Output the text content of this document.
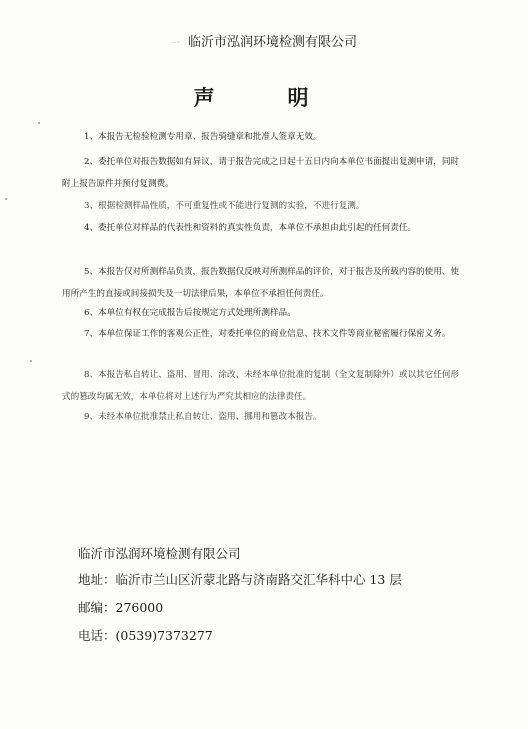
一 临沂市泓润环境检测有限公司
声　明

1、本报告无检验检测专用章、报告骑缝章和批准人签章无效。

2、委托单位对报告数据如有异议，请于报告完成之日起十五日内向本单位书面提出复测申请，同时附上报告原件并预付复测费。

3、根据检测样品性质，不可重复性或不能进行复测的实验，不进行复测。

4、委托单位对样品的代表性和资料的真实性负责，本单位不承担由此引起的任何责任。

5、本报告仅对所测样品负责，报告数据仅反映对所测样品的评价，对于报告及所载内容的使用、使用所产生的直接或间接损失及一切法律后果，本单位不承担任何责任。

6、本单位有权在完成报告后按规定方式处理所测样品。

7、本单位保证工作的客观公正性，对委托单位的商业信息、技术文件等商业秘密履行保密义务。

8、本报告私自转让、盗用、冒用、涂改、未经本单位批准的复制（全文复制除外）或以其它任何形式的篡改均属无效，本单位将对上述行为严究其相应的法律责任。

9、未经本单位批准禁止私自转让、盗用、挪用和篡改本报告。

临沂市泓润环境检测有限公司
地址：临沂市兰山区沂蒙北路与济南路交汇华科中心 13 层
邮编：276000
电话：(0539)7373277
